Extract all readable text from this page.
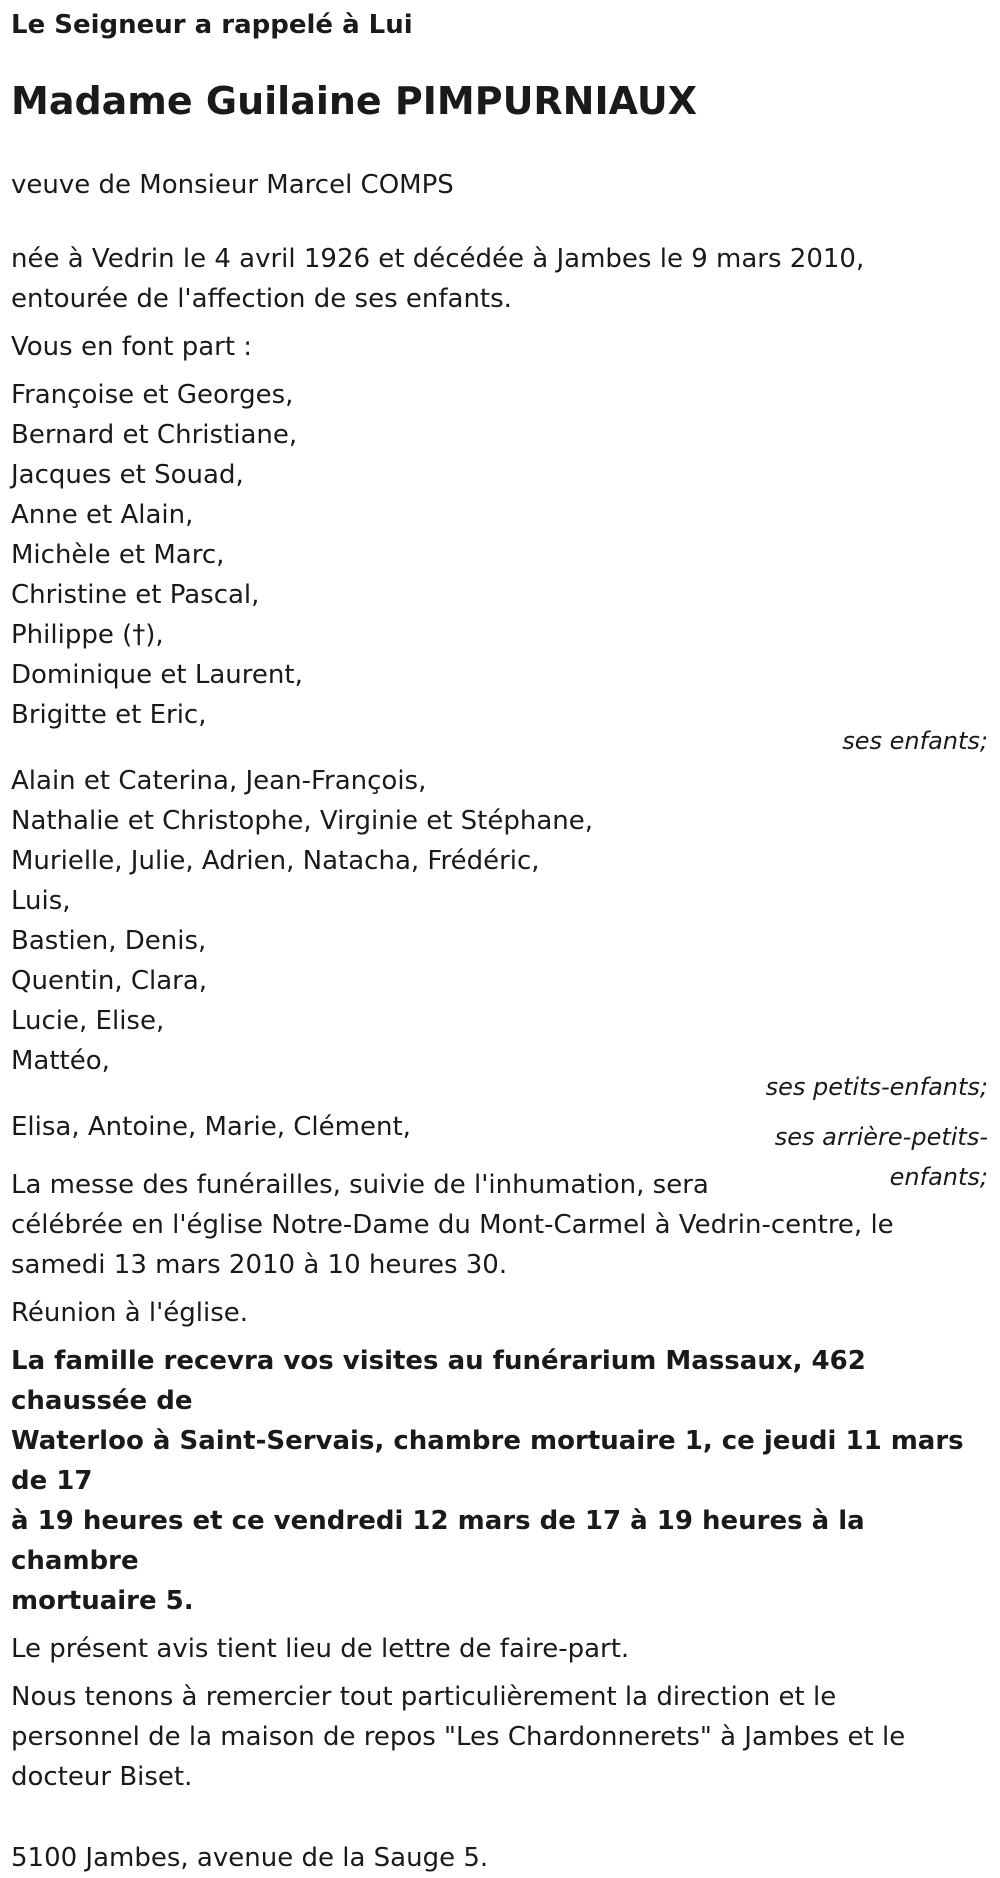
Le Seigneur a rappelé à Lui
Madame Guilaine PIMPURNIAUX
veuve de Monsieur Marcel COMPS

née à Vedrin le 4 avril 1926 et décédée à Jambes le 9 mars 2010,

entourée de l'affection de ses enfants.

Vous en font part :

Françoise et Georges,

Bernard et Christiane,

Jacques et Souad,

Anne et Alain,

Michèle et Marc,

Christine et Pascal,

Philippe (†),

Dominique et Laurent,

Brigitte et Eric,

ses enfants;

Alain et Caterina, Jean-François,

Nathalie et Christophe, Virginie et Stéphane,

Murielle, Julie, Adrien, Natacha, Frédéric,

Luis,

Bastien, Denis,

Quentin, Clara,

Lucie, Elise,

Mattéo,

ses petits-enfants;

Elisa, Antoine, Marie, Clément,	ses arrière-petits-

enfants;

La messe des funérailles, suivie de l'inhumation, sera

célébrée en l'église Notre-Dame du Mont-Carmel à Vedrin-centre, le

samedi 13 mars 2010 à 10 heures 30.

Réunion à l'église.

La famille recevra vos visites au funérarium Massaux, 462 chaussée de

Waterloo à Saint-Servais, chambre mortuaire 1, ce jeudi 11 mars de 17

à 19 heures et ce vendredi 12 mars de 17 à 19 heures à la chambre

mortuaire 5.

Le présent avis tient lieu de lettre de faire-part.

Nous tenons à remercier tout particulièrement la direction et le

personnel de la maison de repos "Les Chardonnerets" à Jambes et le

docteur Biset.

5100 Jambes, avenue de la Sauge 5.
